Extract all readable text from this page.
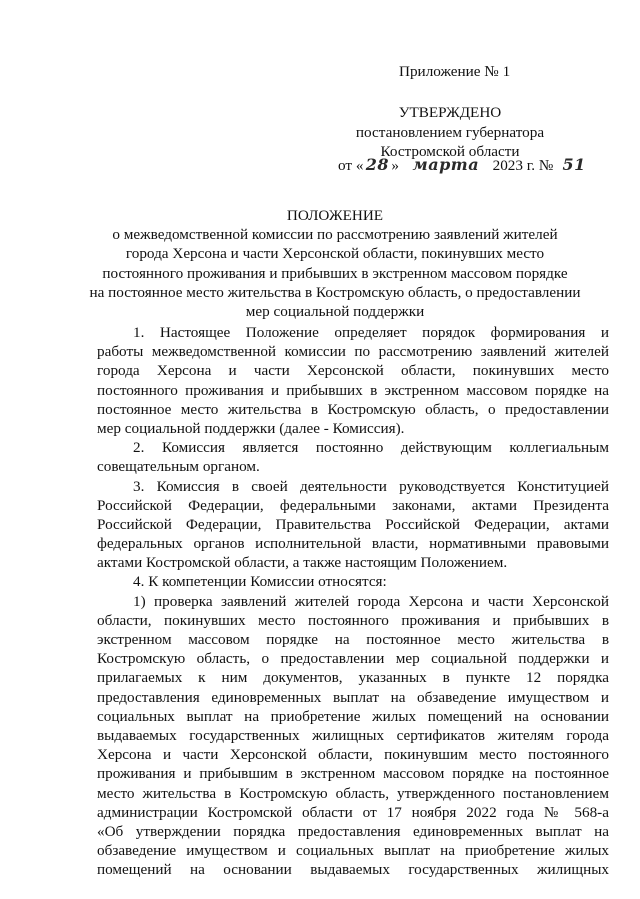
Приложение № 1
УТВЕРЖДЕНО
постановлением губернатора
Костромской области
от « 28 » марта 2023 г. № 51
ПОЛОЖЕНИЕ
о межведомственной комиссии по рассмотрению заявлений жителей
города Херсона и части Херсонской области, покинувших место
постоянного проживания и прибывших в экстренном массовом порядке
на постоянное место жительства в Костромскую область, о предоставлении
мер социальной поддержки

1. Настоящее Положение определяет порядок формирования и
работы межведомственной комиссии по рассмотрению заявлений жителей
города Херсона и части Херсонской области, покинувших место
постоянного проживания и прибывших в экстренном массовом порядке на
постоянное место жительства в Костромскую область, о предоставлении
мер социальной поддержки (далее - Комиссия).

2. Комиссия является постоянно действующим коллегиальным
совещательным органом.

3. Комиссия в своей деятельности руководствуется Конституцией
Российской Федерации, федеральными законами, актами Президента
Российской Федерации, Правительства Российской Федерации, актами
федеральных органов исполнительной власти, нормативными правовыми
актами Костромской области, а также настоящим Положением.

4. К компетенции Комиссии относятся:

1) проверка заявлений жителей города Херсона и части Херсонской
области, покинувших место постоянного проживания и прибывших в
экстренном массовом порядке на постоянное место жительства в
Костромскую область, о предоставлении мер социальной поддержки и
прилагаемых к ним документов, указанных в пункте 12 порядка
предоставления единовременных выплат на обзаведение имуществом и
социальных выплат на приобретение жилых помещений на основании
выдаваемых государственных жилищных сертификатов жителям города
Херсона и части Херсонской области, покинувшим место постоянного
проживания и прибывшим в экстренном массовом порядке на постоянное
место жительства в Костромскую область, утвержденного постановлением
администрации Костромской области от 17 ноября 2022 года № 568-а
«Об утверждении порядка предоставления единовременных выплат на
обзаведение имуществом и социальных выплат на приобретение жилых
помещений на основании выдаваемых государственных жилищных
